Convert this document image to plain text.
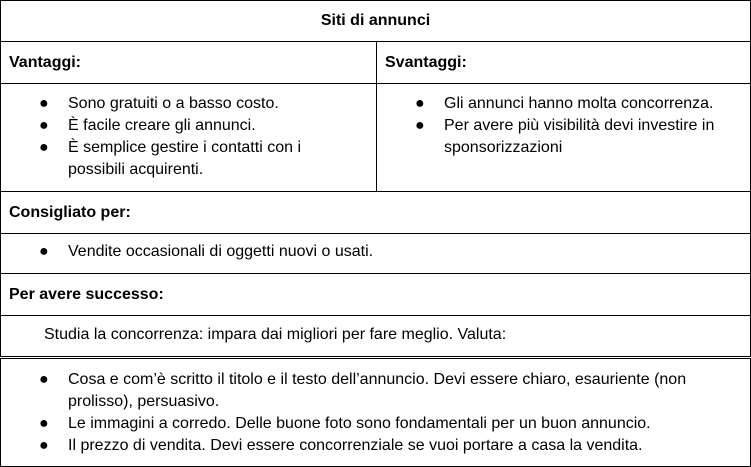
Siti di annunci
Vantaggi:	Svantaggi:
● Sono gratuiti o a basso costo.
● È facile creare gli annunci.
● È semplice gestire i contatti con i possibili acquirenti.
● Gli annunci hanno molta concorrenza.
● Per avere più visibilità devi investire in sponsorizzazioni
Consigliato per:
● Vendite occasionali di oggetti nuovi o usati.
Per avere successo:
Studia la concorrenza: impara dai migliori per fare meglio. Valuta:
● Cosa e com’è scritto il titolo e il testo dell’annuncio. Devi essere chiaro, esauriente (non prolisso), persuasivo.
● Le immagini a corredo. Delle buone foto sono fondamentali per un buon annuncio.
● Il prezzo di vendita. Devi essere concorrenziale se vuoi portare a casa la vendita.
